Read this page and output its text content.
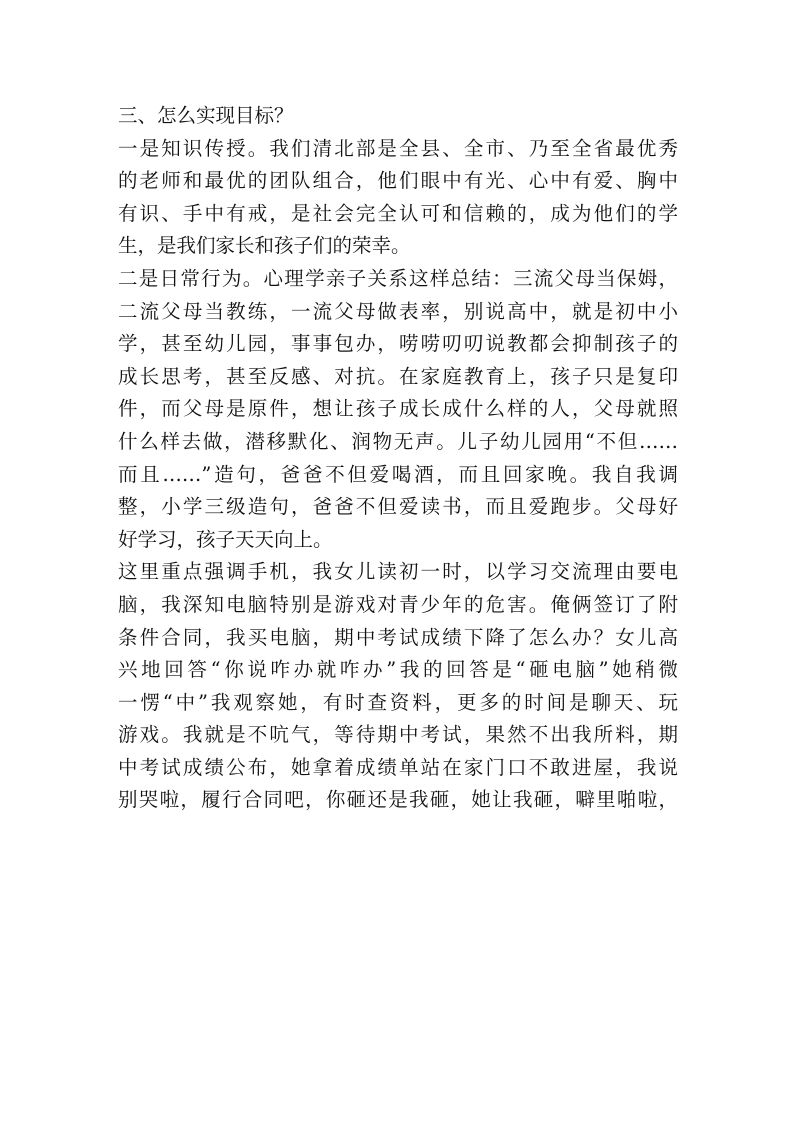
三、怎么实现目标？
一是知识传授。我们清北部是全县、全市、乃至全省最优秀
的老师和最优的团队组合，他们眼中有光、心中有爱、胸中
有识、手中有戒，是社会完全认可和信赖的，成为他们的学
生，是我们家长和孩子们的荣幸。
二是日常行为。心理学亲子关系这样总结：三流父母当保姆，
二流父母当教练，一流父母做表率，别说高中，就是初中小
学，甚至幼儿园，事事包办，唠唠叨叨说教都会抑制孩子的
成长思考，甚至反感、对抗。在家庭教育上，孩子只是复印
件，而父母是原件，想让孩子成长成什么样的人，父母就照
什么样去做，潜移默化、润物无声。儿子幼儿园用“不但……
而且……”造句，爸爸不但爱喝酒，而且回家晚。我自我调
整，小学三级造句，爸爸不但爱读书，而且爱跑步。父母好
好学习，孩子天天向上。
这里重点强调手机，我女儿读初一时，以学习交流理由要电
脑，我深知电脑特别是游戏对青少年的危害。俺俩签订了附
条件合同，我买电脑，期中考试成绩下降了怎么办？女儿高
兴地回答“你说咋办就咋办”我的回答是“砸电脑”她稍微
一愣“中”我观察她，有时查资料，更多的时间是聊天、玩
游戏。我就是不吭气，等待期中考试，果然不出我所料，期
中考试成绩公布，她拿着成绩单站在家门口不敢进屋，我说
别哭啦，履行合同吧，你砸还是我砸，她让我砸，噼里啪啦，
